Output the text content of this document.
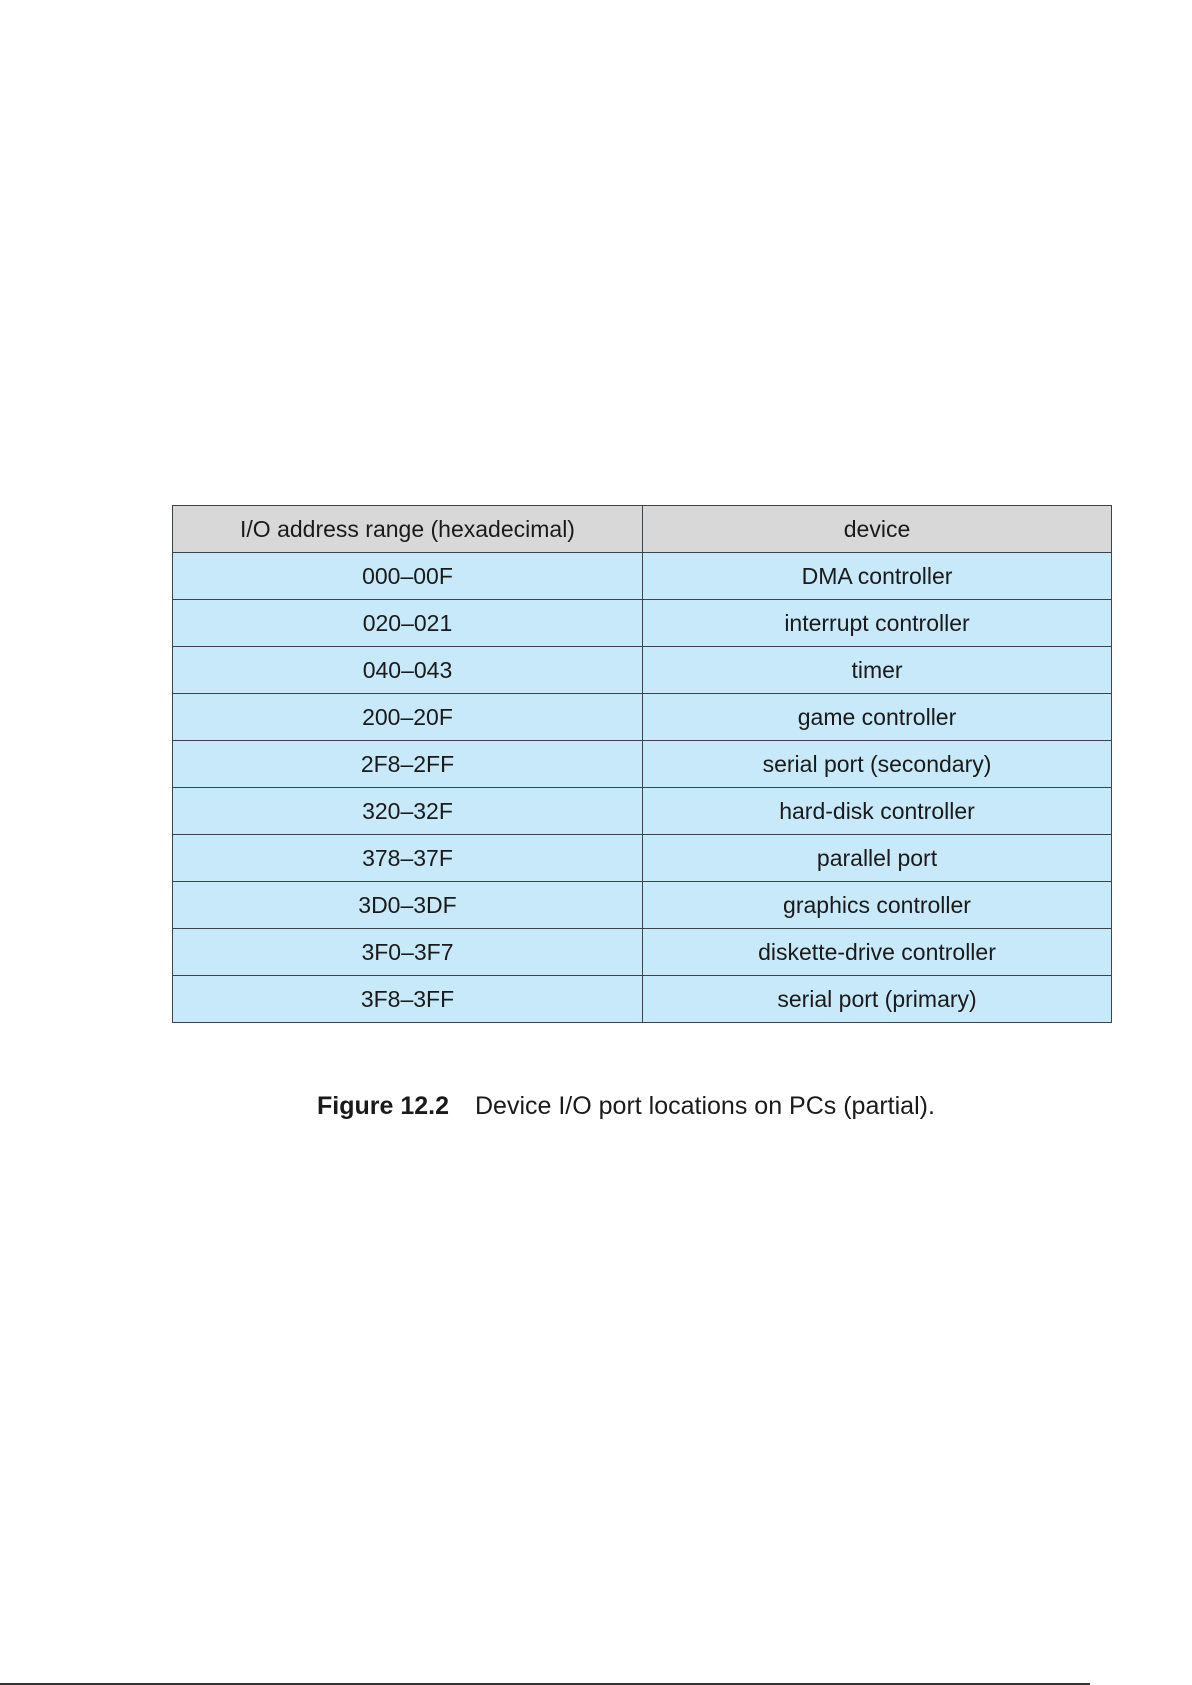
I/O address range (hexadecimal)	device
000–00F	DMA controller
020–021	interrupt controller
040–043	timer
200–20F	game controller
2F8–2FF	serial port (secondary)
320–32F	hard-disk controller
378–37F	parallel port
3D0–3DF	graphics controller
3F0–3F7	diskette-drive controller
3F8–3FF	serial port (primary)
Figure 12.2 Device I/O port locations on PCs (partial).
